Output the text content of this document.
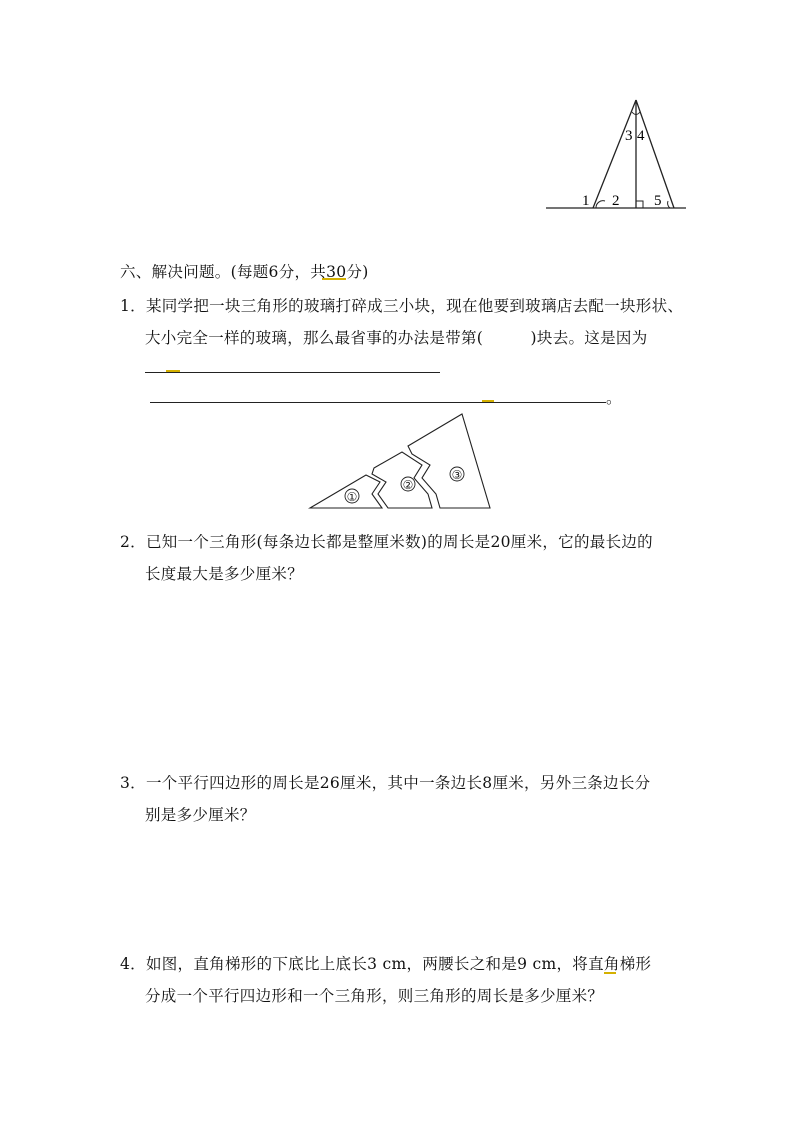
3 4
1 2 5
六、解决问题。(每题6分，共30分)
1．某同学把一块三角形的玻璃打碎成三小块，现在他要到玻璃店去配一块形状、
大小完全一样的玻璃，那么最省事的办法是带第(　　　)块去。这是因为
。
①
②
③
2．已知一个三角形(每条边长都是整厘米数)的周长是20厘米，它的最长边的
长度最大是多少厘米？
3．一个平行四边形的周长是26厘米，其中一条边长8厘米，另外三条边长分
别是多少厘米？
4．如图，直角梯形的下底比上底长3 cm，两腰长之和是9 cm，将直角梯形
分成一个平行四边形和一个三角形，则三角形的周长是多少厘米？
